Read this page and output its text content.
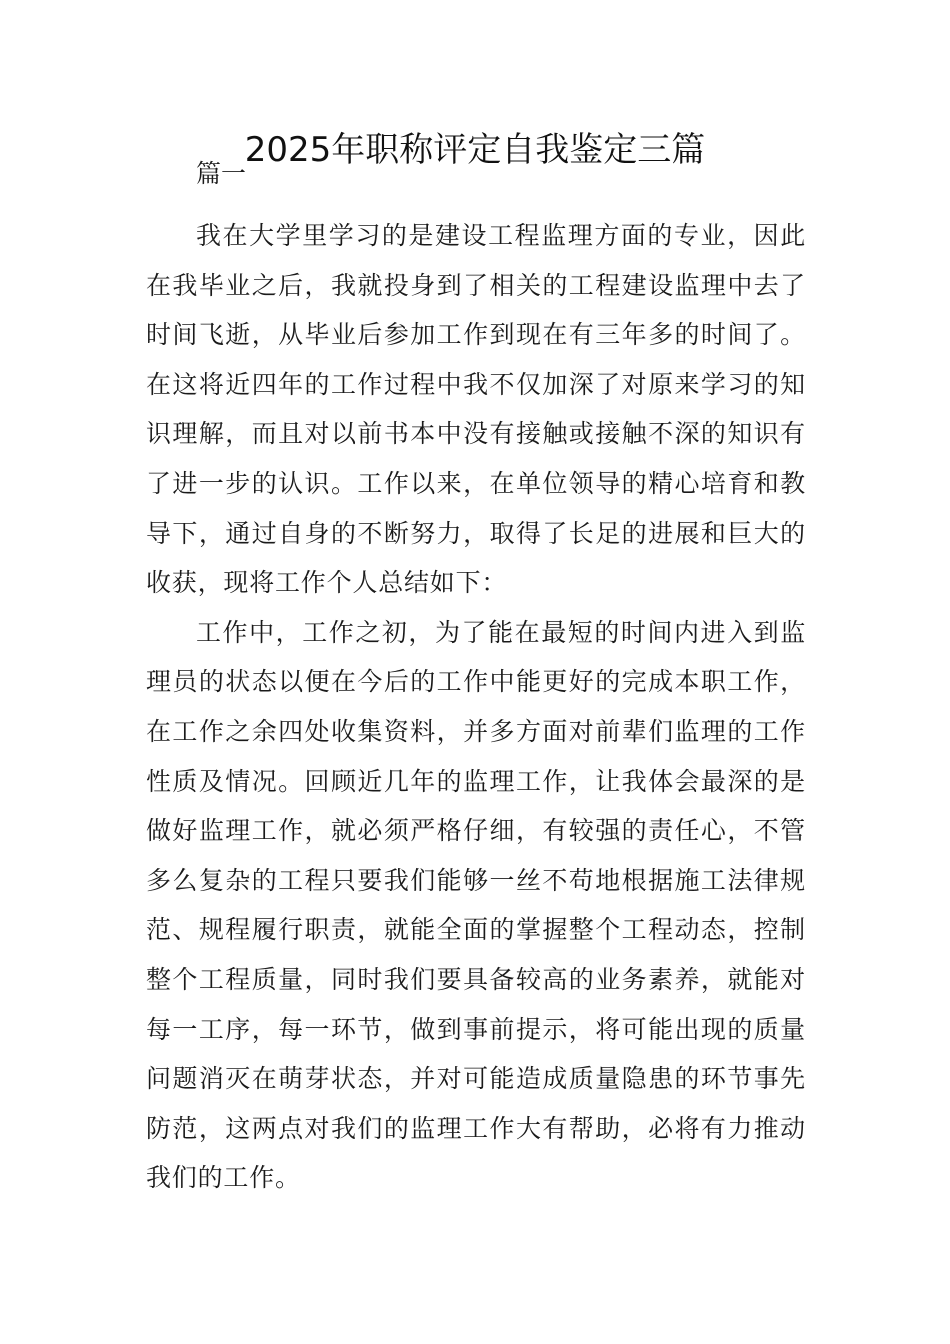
2025年职称评定自我鉴定三篇

篇一

我在大学里学习的是建设工程监理方面的专业，因此在我毕业之后，我就投身到了相关的工程建设监理中去了时间飞逝，从毕业后参加工作到现在有三年多的时间了。在这将近四年的工作过程中我不仅加深了对原来学习的知识理解，而且对以前书本中没有接触或接触不深的知识有了进一步的认识。工作以来，在单位领导的精心培育和教导下，通过自身的不断努力，取得了长足的进展和巨大的收获，现将工作个人总结如下：

工作中，工作之初，为了能在最短的时间内进入到监理员的状态以便在今后的工作中能更好的完成本职工作，在工作之余四处收集资料，并多方面对前辈们监理的工作性质及情况。回顾近几年的监理工作，让我体会最深的是做好监理工作，就必须严格仔细，有较强的责任心，不管多么复杂的工程只要我们能够一丝不苟地根据施工法律规范、规程履行职责，就能全面的掌握整个工程动态，控制整个工程质量，同时我们要具备较高的业务素养，就能对每一工序，每一环节，做到事前提示，将可能出现的质量问题消灭在萌芽状态，并对可能造成质量隐患的环节事先防范，这两点对我们的监理工作大有帮助，必将有力推动我们的工作。
